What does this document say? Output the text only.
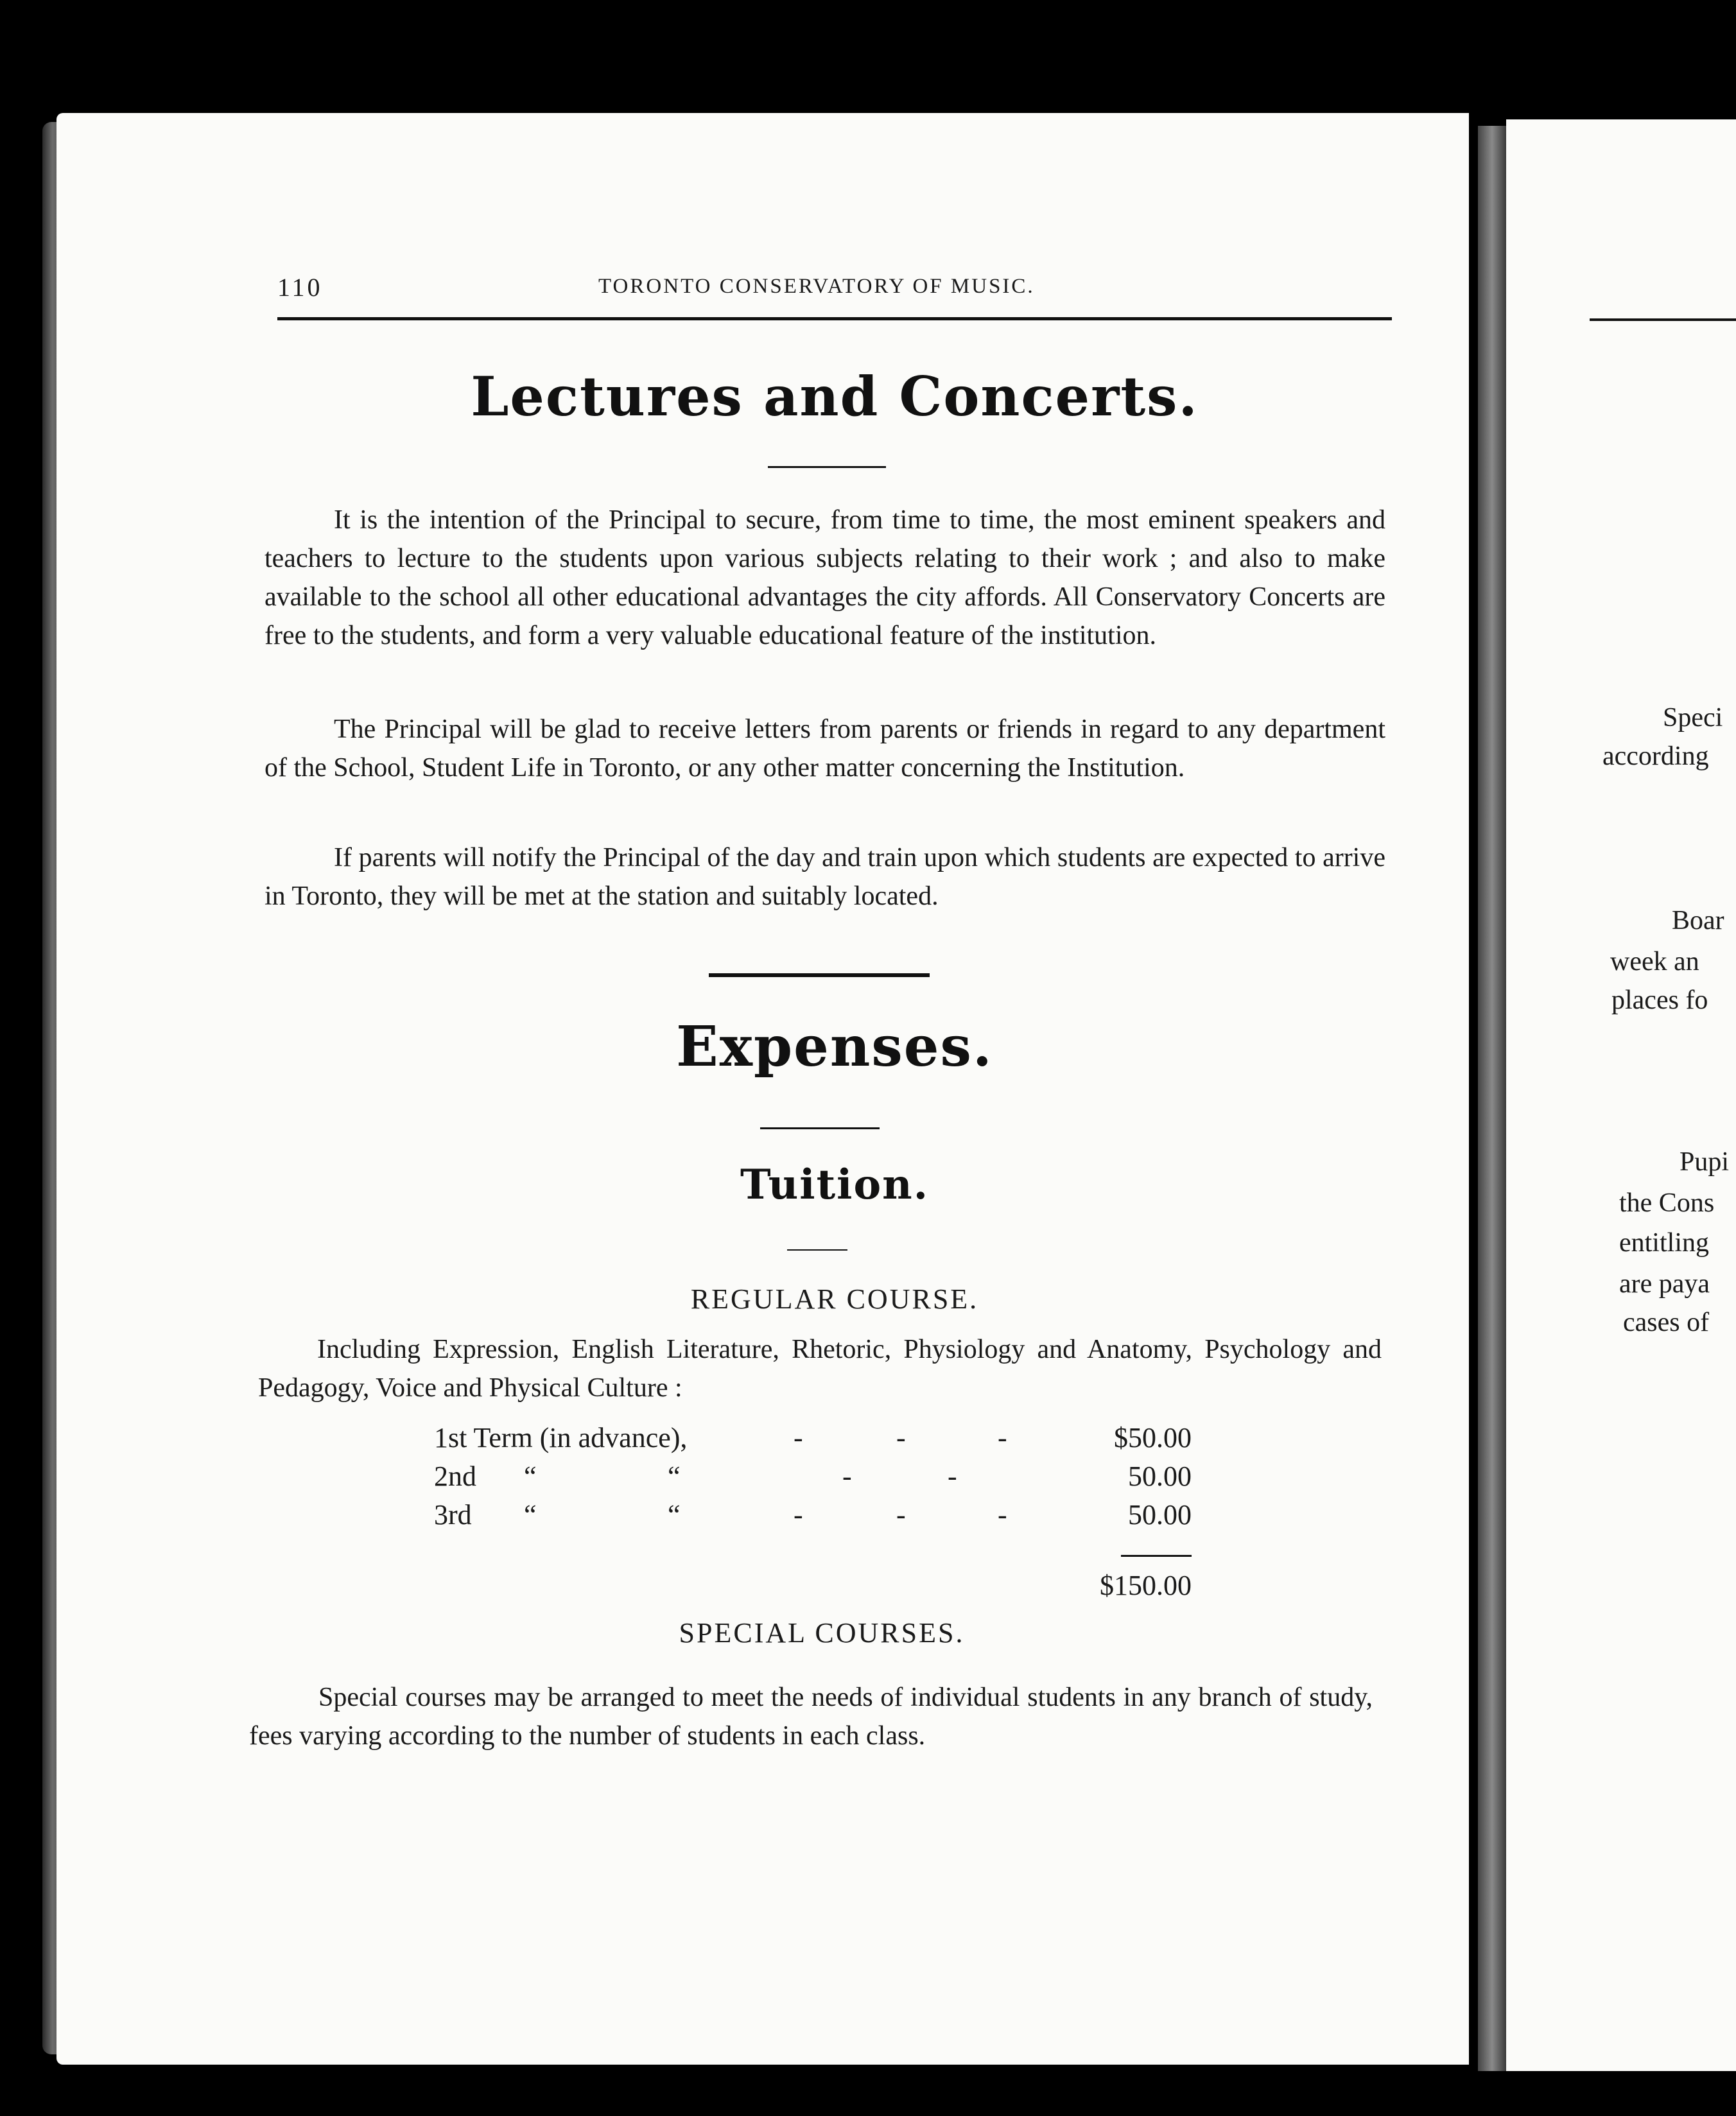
110	TORONTO CONSERVATORY OF MUSIC.
Lectures and Concerts.

It is the intention of the Principal to secure, from time to time, the most eminent speakers and teachers to lecture to the students upon various subjects relating to their work ; and also to make available to the school all other educational advantages the city affords. All Conservatory Concerts are free to the students, and form a very valuable educational feature of the institution.

The Principal will be glad to receive letters from parents or friends in regard to any department of the School, Student Life in Toronto, or any other matter concerning the Institution.

If parents will notify the Principal of the day and train upon which students are expected to arrive in Toronto, they will be met at the station and suitably located.

Expenses.
Tuition.
REGULAR COURSE.

Including Expression, English Literature, Rhetoric, Physiology and Anatomy, Psychology and Pedagogy, Voice and Physical Culture :

1st Term (in advance),	-	-	-	$50.00
2nd “	“	-	-	50.00
3rd “	“	-	-	-	50.00
$150.00
SPECIAL COURSES.

Special courses may be arranged to meet the needs of individual students in any branch of study, fees varying according to the number of students in each class.

Speci
according
Boar
week an
places fo
Pupi
the Cons
entitling
are paya
cases of
